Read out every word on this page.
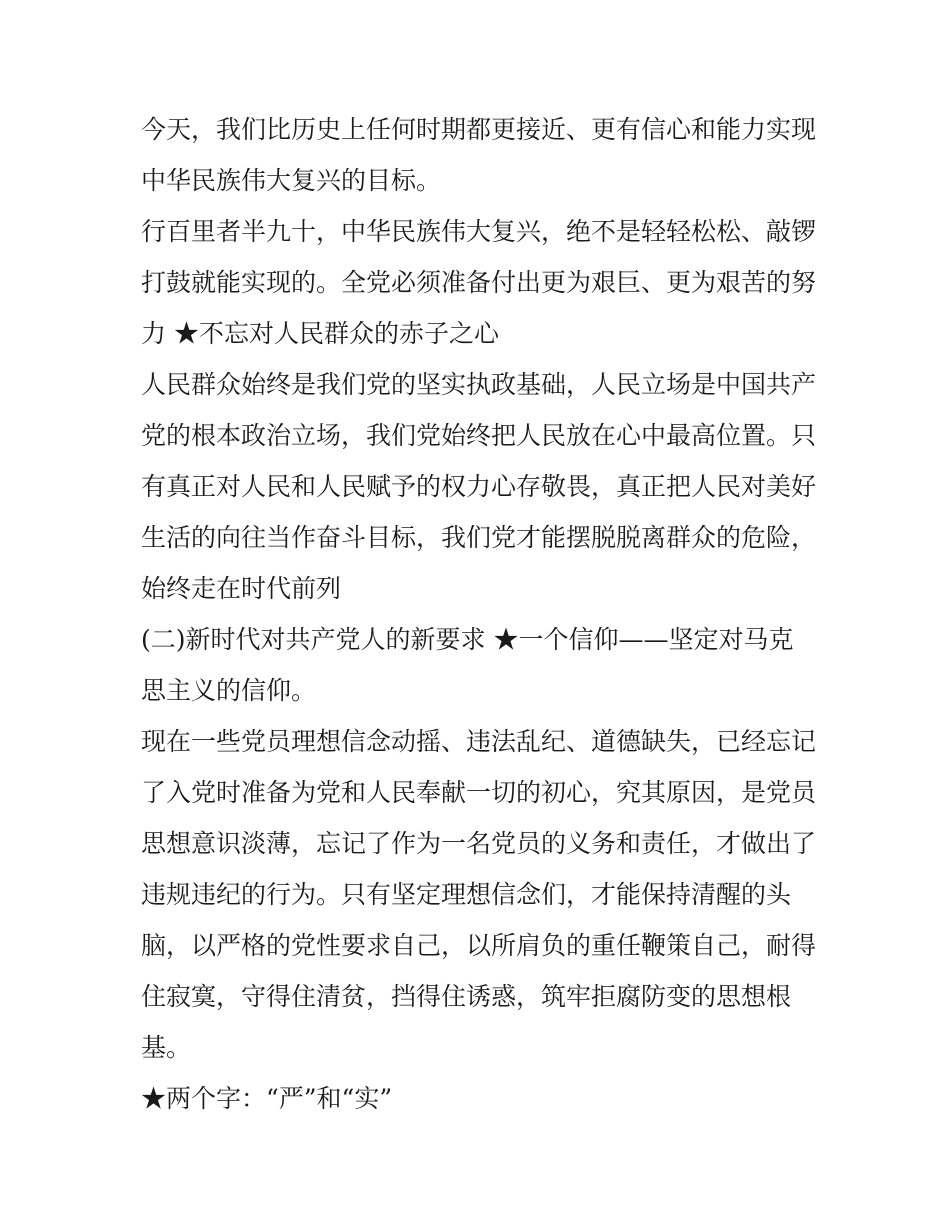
今天，我们比历史上任何时期都更接近、更有信心和能力实现
中华民族伟大复兴的目标。
行百里者半九十，中华民族伟大复兴，绝不是轻轻松松、敲锣
打鼓就能实现的。全党必须准备付出更为艰巨、更为艰苦的努
力 ★不忘对人民群众的赤子之心
人民群众始终是我们党的坚实执政基础，人民立场是中国共产
党的根本政治立场，我们党始终把人民放在心中最高位置。只
有真正对人民和人民赋予的权力心存敬畏，真正把人民对美好
生活的向往当作奋斗目标，我们党才能摆脱脱离群众的危险，
始终走在时代前列
(二)新时代对共产党人的新要求 ★一个信仰——坚定对马克
思主义的信仰。
现在一些党员理想信念动摇、违法乱纪、道德缺失，已经忘记
了入党时准备为党和人民奉献一切的初心，究其原因，是党员
思想意识淡薄，忘记了作为一名党员的义务和责任，才做出了
违规违纪的行为。只有坚定理想信念们，才能保持清醒的头
脑，以严格的党性要求自己，以所肩负的重任鞭策自己，耐得
住寂寞，守得住清贫，挡得住诱惑，筑牢拒腐防变的思想根
基。
★两个字：“严”和“实”
